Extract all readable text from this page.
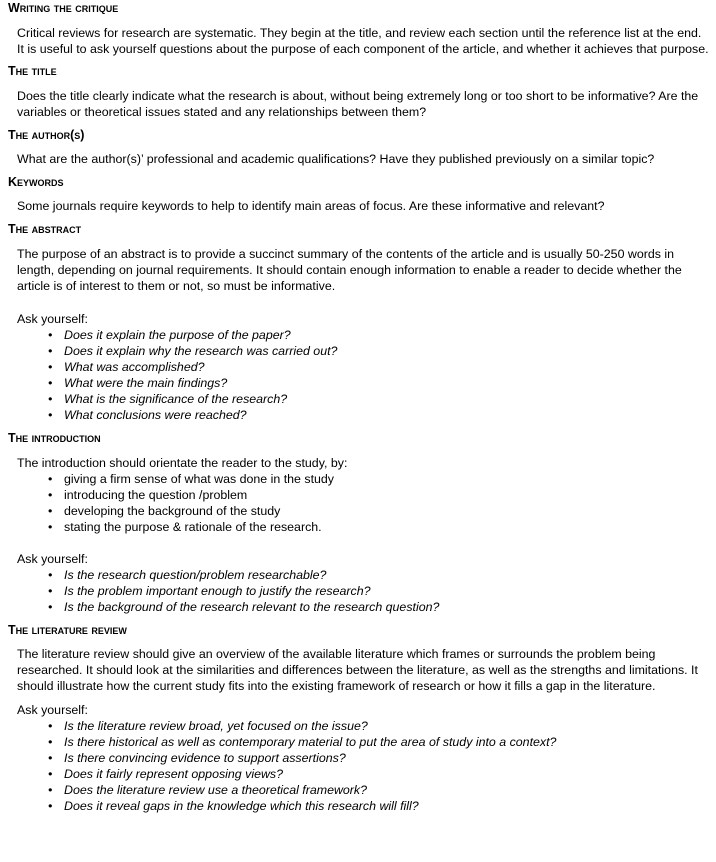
Writing the critique

Critical reviews for research are systematic. They begin at the title, and review each section until the reference list at the end. It is useful to ask yourself questions about the purpose of each component of the article, and whether it achieves that purpose.

The title

Does the title clearly indicate what the research is about, without being extremely long or too short to be informative? Are the variables or theoretical issues stated and any relationships between them?

The author(s)

What are the author(s)’ professional and academic qualifications? Have they published previously on a similar topic?

Keywords

Some journals require keywords to help to identify main areas of focus. Are these informative and relevant?

The abstract

The purpose of an abstract is to provide a succinct summary of the contents of the article and is usually 50-250 words in length, depending on journal requirements. It should contain enough information to enable a reader to decide whether the article is of interest to them or not, so must be informative.

Ask yourself:

• Does it explain the purpose of the paper?
• Does it explain why the research was carried out?
• What was accomplished?
• What were the main findings?
• What is the significance of the research?
• What conclusions were reached?
The introduction

The introduction should orientate the reader to the study, by:

• giving a firm sense of what was done in the study
• introducing the question /problem
• developing the background of the study
• stating the purpose & rationale of the research.

Ask yourself:

• Is the research question/problem researchable?
• Is the problem important enough to justify the research?
• Is the background of the research relevant to the research question?
The literature review

The literature review should give an overview of the available literature which frames or surrounds the problem being researched. It should look at the similarities and differences between the literature, as well as the strengths and limitations. It should illustrate how the current study fits into the existing framework of research or how it fills a gap in the literature.

Ask yourself:

• Is the literature review broad, yet focused on the issue?
• Is there historical as well as contemporary material to put the area of study into a context?
• Is there convincing evidence to support assertions?
• Does it fairly represent opposing views?
• Does the literature review use a theoretical framework?
• Does it reveal gaps in the knowledge which this research will fill?
